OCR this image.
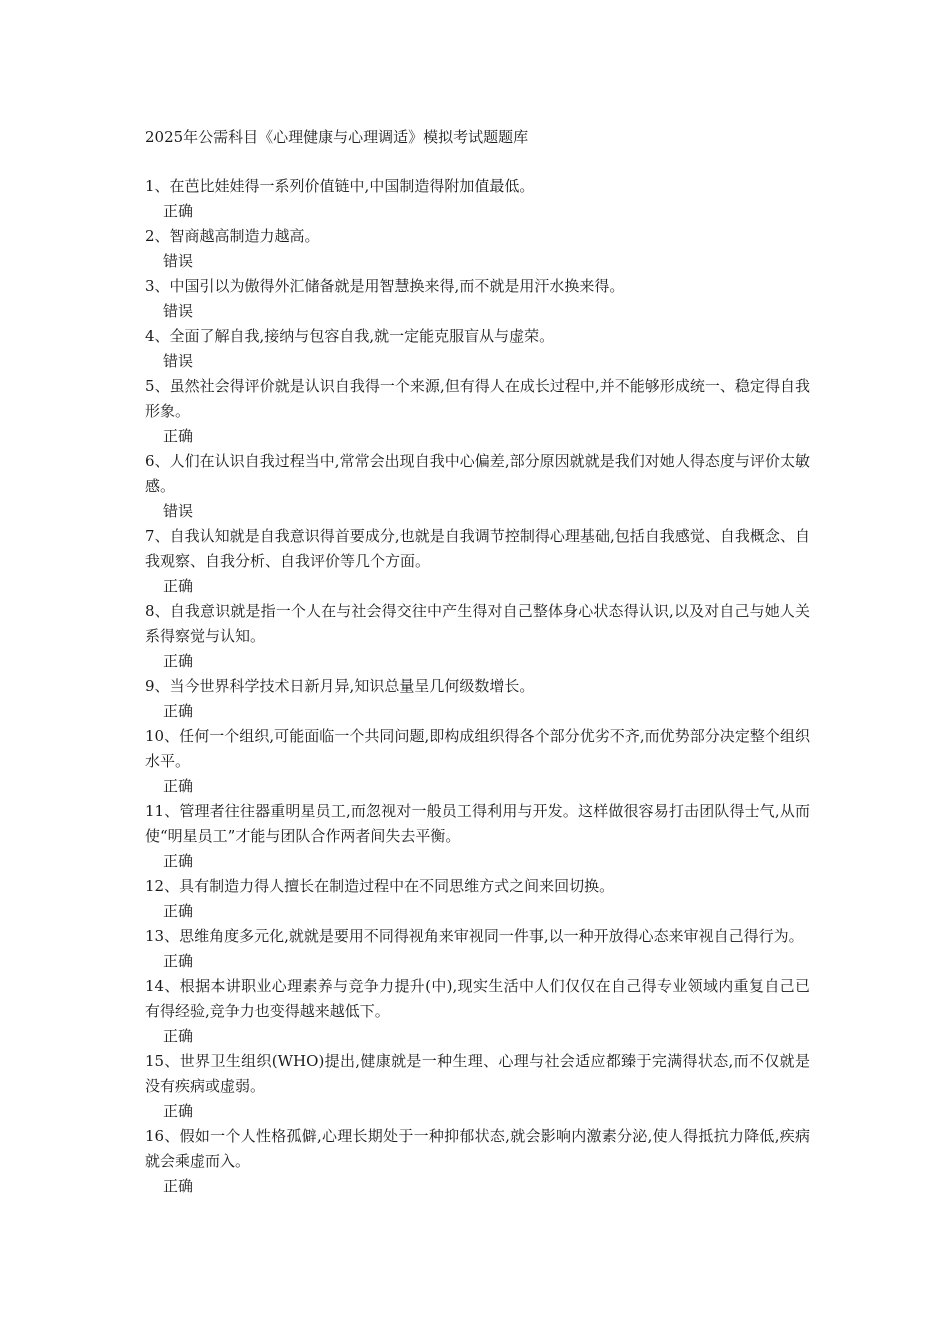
2025年公需科目《心理健康与心理调适》模拟考试题题库

1、在芭比娃娃得一系列价值链中,中国制造得附加值最低。

正确

2、智商越高制造力越高。

错误

3、中国引以为傲得外汇储备就是用智慧换来得,而不就是用汗水换来得。

错误

4、全面了解自我,接纳与包容自我,就一定能克服盲从与虚荣。

错误

5、虽然社会得评价就是认识自我得一个来源,但有得人在成长过程中,并不能够形成统一、稳定得自我形象。

正确

6、人们在认识自我过程当中,常常会出现自我中心偏差,部分原因就就是我们对她人得态度与评价太敏感。

错误

7、自我认知就是自我意识得首要成分,也就是自我调节控制得心理基础,包括自我感觉、自我概念、自我观察、自我分析、自我评价等几个方面。

正确

8、自我意识就是指一个人在与社会得交往中产生得对自己整体身心状态得认识,以及对自己与她人关系得察觉与认知。

正确

9、当今世界科学技术日新月异,知识总量呈几何级数增长。

正确

10、任何一个组织,可能面临一个共同问题,即构成组织得各个部分优劣不齐,而优势部分决定整个组织水平。

正确

11、管理者往往器重明星员工,而忽视对一般员工得利用与开发。这样做很容易打击团队得士气,从而使“明星员工”才能与团队合作两者间失去平衡。

正确

12、具有制造力得人擅长在制造过程中在不同思维方式之间来回切换。

正确

13、思维角度多元化,就就是要用不同得视角来审视同一件事,以一种开放得心态来审视自己得行为。

正确

14、根据本讲职业心理素养与竞争力提升(中),现实生活中人们仅仅在自己得专业领域内重复自己已有得经验,竞争力也变得越来越低下。

正确

15、世界卫生组织(WHO)提出,健康就是一种生理、心理与社会适应都臻于完满得状态,而不仅就是没有疾病或虚弱。

正确

16、假如一个人性格孤僻,心理长期处于一种抑郁状态,就会影响内激素分泌,使人得抵抗力降低,疾病就会乘虚而入。

正确
